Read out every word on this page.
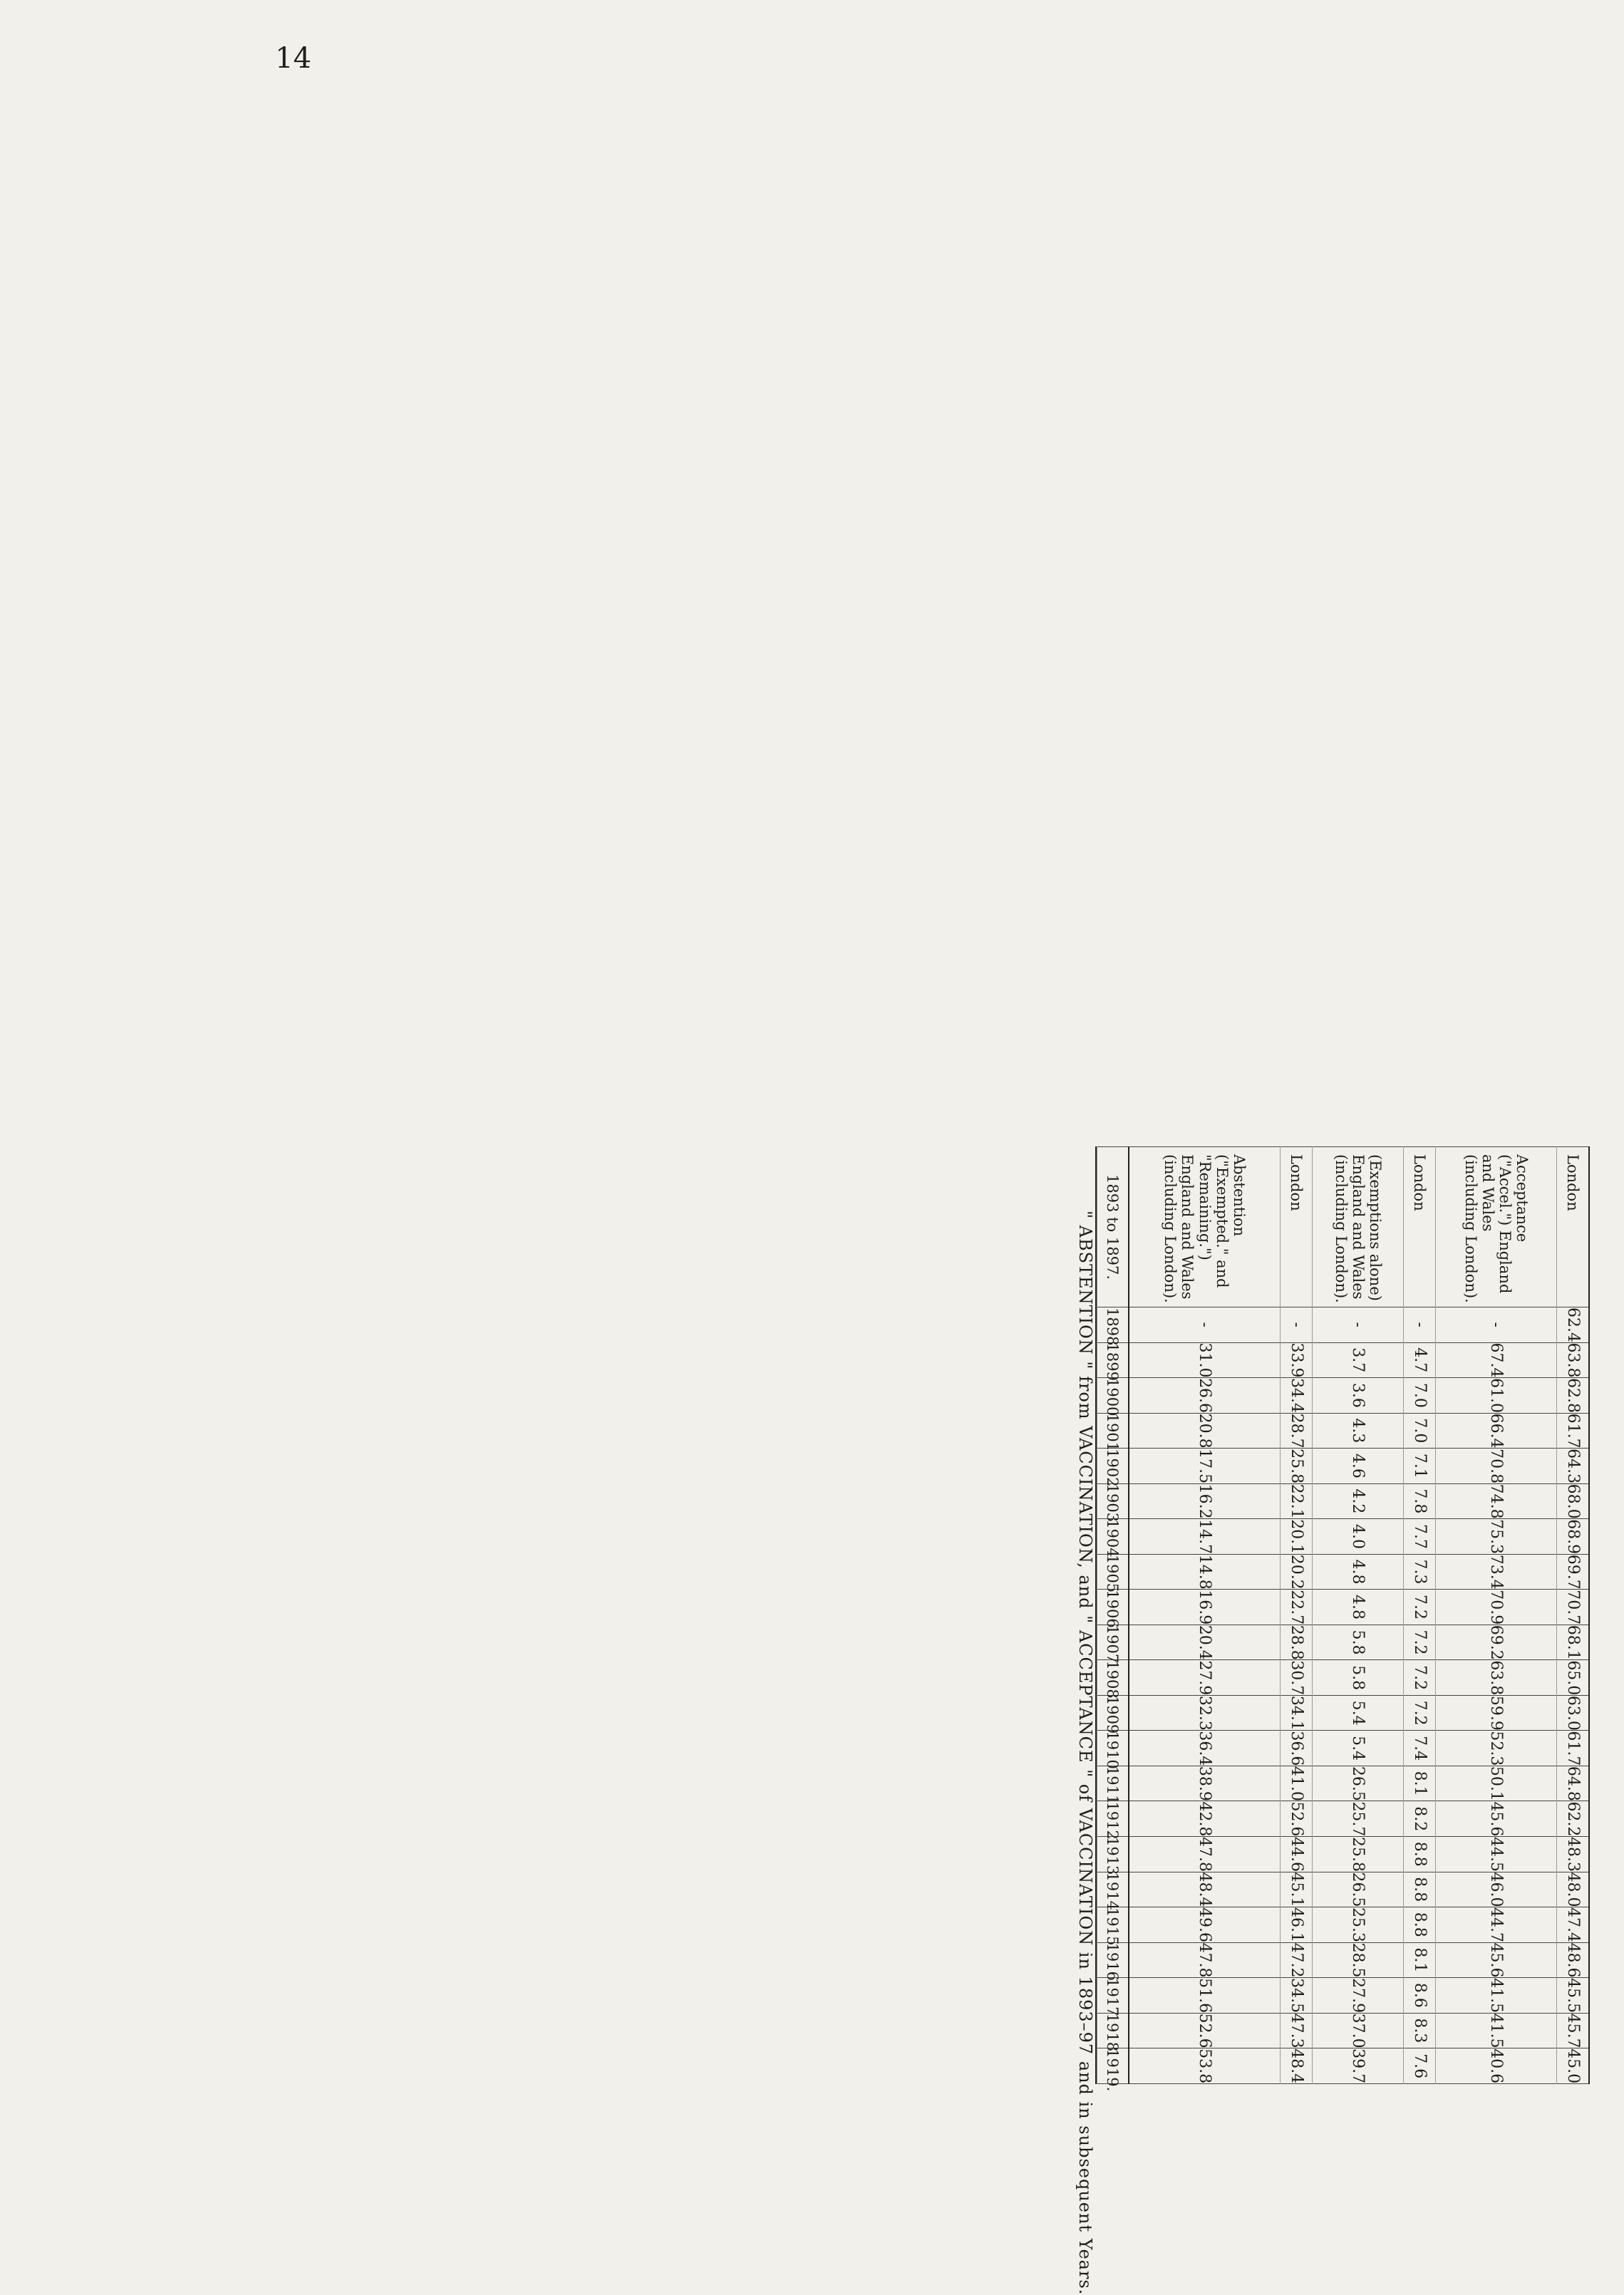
14
London	62.4	63.8	62.8	61.7	64.3	68.0	68.9	69.7	70.7	68.1	65.0	63.0	61.7	64.8	62.2	48.3	48.0	47.4	48.6	45.5	45.7	45.0
Acceptance ("Accel.") England and Wales (including London).	-	67.4	61.0	66.4	70.8	74.8	75.3	73.4	70.9	69.2	63.8	59.9	52.3	50.1	45.6	44.5	46.0	44.7	45.6	41.5	41.5	40.6
London	-	4.7	7.0	7.0	7.1	7.8	7.7	7.3	7.2	7.2	7.2	7.2	7.4	8.1	8.2	8.8	8.8	8.8	8.1	8.6	8.3	7.6
(Exemptions alone) England and Wales (including London).	-	3.7	3.6	4.3	4.6	4.2	4.0	4.8	4.8	5.8	5.8	5.4	5.4	26.5	25.7	25.8	26.5	25.3	28.5	27.9	37.0	39.7
London	-	33.9	34.4	28.7	25.8	22.1	20.1	20.2	22.7	28.8	30.7	34.1	36.6	41.0	52.6	44.6	45.1	46.1	47.2	34.5	47.3	48.4
Abstention ("Exempted." and "Remaining.") England and Wales (including London).	-	31.0	26.6	20.8	17.5	16.2	14.7	14.8	16.9	20.4	27.9	32.3	36.4	38.9	42.8	47.8	48.4	49.6	47.8	51.6	52.6	53.8
1893 to 1897.	1898.	1899.	1900.	1901.	1902.	1903.	1904.	1905.	1906.	1907.	1908.	1909.	1910.	1911.	1912.	1913.	1914.	1915.	1916.	1917.	1918.	1919.
" ABSTENTION " from VACCINATION, and " ACCEPTANCE " of VACCINATION in 1893–97 and in subsequent Years.
